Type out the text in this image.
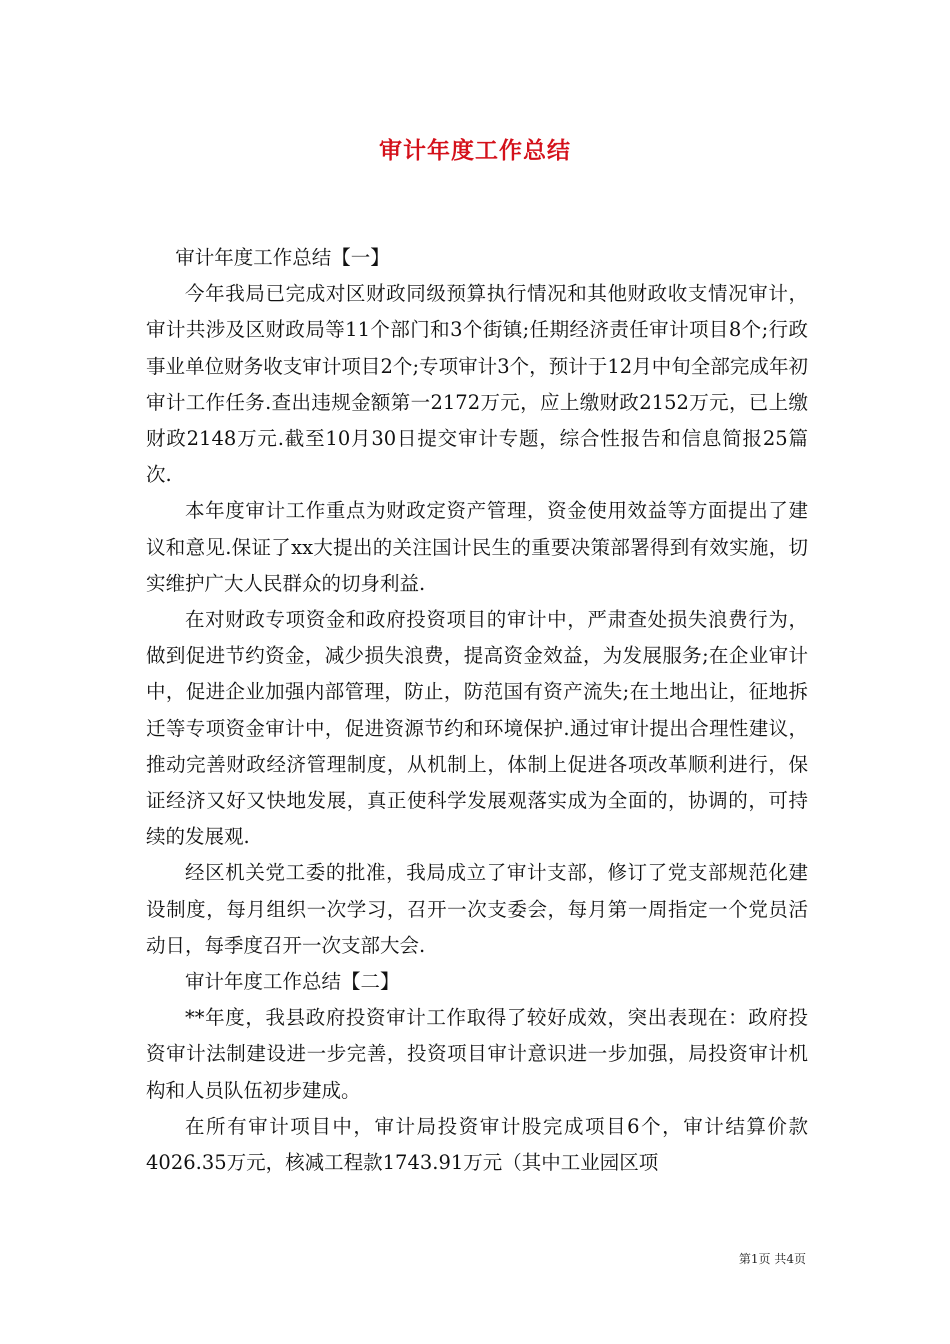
审计年度工作总结

审计年度工作总结【一】

今年我局已完成对区财政同级预算执行情况和其他财政收支情况审计，审计共涉及区财政局等11个部门和3个街镇;任期经济责任审计项目8个;行政事业单位财务收支审计项目2个;专项审计3个，预计于12月中旬全部完成年初审计工作任务.查出违规金额第一2172万元，应上缴财政2152万元，已上缴财政2148万元.截至10月30日提交审计专题，综合性报告和信息简报25篇次.

本年度审计工作重点为财政定资产管理，资金使用效益等方面提出了建议和意见.保证了xx大提出的关注国计民生的重要决策部署得到有效实施，切实维护广大人民群众的切身利益.

在对财政专项资金和政府投资项目的审计中，严肃查处损失浪费行为，做到促进节约资金，减少损失浪费，提高资金效益，为发展服务;在企业审计中，促进企业加强内部管理，防止，防范国有资产流失;在土地出让，征地拆迁等专项资金审计中，促进资源节约和环境保护.通过审计提出合理性建议，推动完善财政经济管理制度，从机制上，体制上促进各项改革顺利进行，保证经济又好又快地发展，真正使科学发展观落实成为全面的，协调的，可持续的发展观.

经区机关党工委的批准，我局成立了审计支部，修订了党支部规范化建设制度，每月组织一次学习，召开一次支委会，每月第一周指定一个党员活动日，每季度召开一次支部大会.

审计年度工作总结【二】

**年度，我县政府投资审计工作取得了较好成效，突出表现在：政府投资审计法制建设进一步完善，投资项目审计意识进一步加强，局投资审计机构和人员队伍初步建成。

在所有审计项目中，审计局投资审计股完成项目6个，审计结算价款4026.35万元，核减工程款1743.91万元（其中工业园区项

第1页 共4页
